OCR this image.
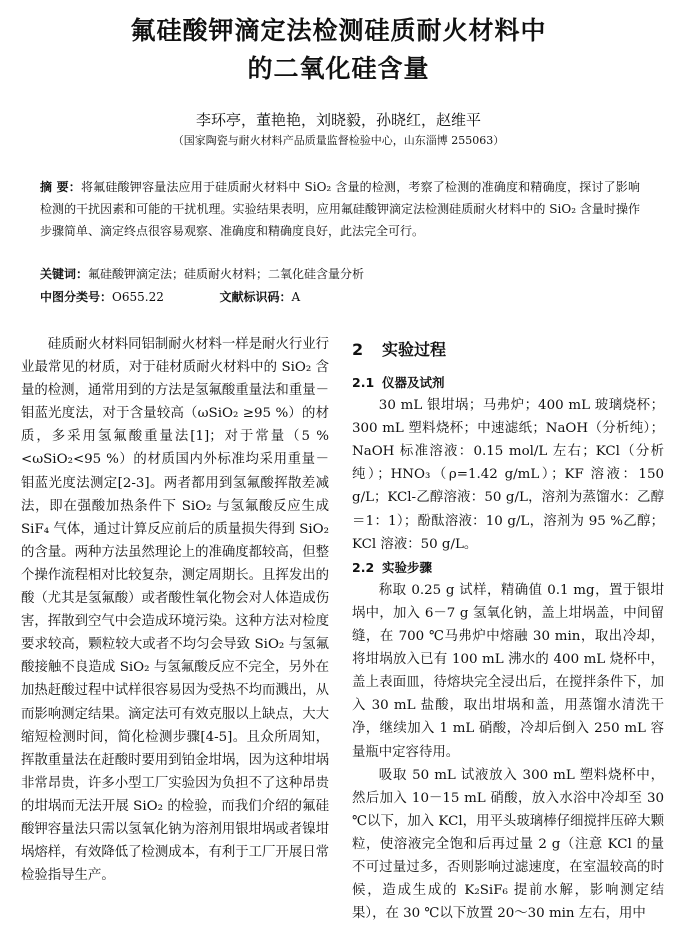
氟硅酸钾滴定法检测硅质耐火材料中
的二氧化硅含量
李环亭，董艳艳，刘晓毅，孙晓红，赵维平
（国家陶瓷与耐火材料产品质量监督检验中心，山东淄博 255063）
摘 要：将氟硅酸钾容量法应用于硅质耐火材料中 SiO₂ 含量的检测，考察了检测的准确度和精确度，探讨了影响检测的干扰因素和可能的干扰机理。实验结果表明，应用氟硅酸钾滴定法检测硅质耐火材料中的 SiO₂ 含量时操作步骤简单、滴定终点很容易观察、准确度和精确度良好，此法完全可行。
关键词：氟硅酸钾滴定法；硅质耐火材料；二氧化硅含量分析
中图分类号：O655.22	文献标识码：A

硅质耐火材料同铝制耐火材料一样是耐火行业行业最常见的材质，对于硅材质耐火材料中的 SiO₂ 含量的检测，通常用到的方法是氢氟酸重量法和重量－钼蓝光度法，对于含量较高（ωSiO₂ ≥95 %）的材质，多采用氢氟酸重量法[1]；对于常量（5 %<ωSiO₂<95 %）的材质国内外标准均采用重量－钼蓝光度法测定[2-3]。两者都用到氢氟酸挥散差减法，即在强酸加热条件下 SiO₂ 与氢氟酸反应生成 SiF₄ 气体，通过计算反应前后的质量损失得到 SiO₂ 的含量。两种方法虽然理论上的准确度都较高，但整个操作流程相对比较复杂，测定周期长。且挥发出的酸（尤其是氢氟酸）或者酸性氧化物会对人体造成伤害，挥散到空气中会造成环境污染。这种方法对检度要求较高，颗粒较大或者不均匀会导致 SiO₂ 与氢氟酸接触不良造成 SiO₂ 与氢氟酸反应不完全，另外在加热赶酸过程中试样很容易因为受热不均而溅出，从而影响测定结果。滴定法可有效克服以上缺点，大大缩短检测时间，简化检测步骤[4-5]。且众所周知，挥散重量法在赶酸时要用到铂金坩埚，因为这种坩埚非常昂贵，许多小型工厂实验因为负担不了这种昂贵的坩埚而无法开展 SiO₂ 的检验，而我们介绍的氟硅酸钾容量法只需以氢氧化钠为溶剂用银坩埚或者镍坩埚熔样，有效降低了检测成本，有利于工厂开展日常检验指导生产。

2 实验过程
2.1 仪器及试剂

30 mL 银坩埚；马弗炉；400 mL 玻璃烧杯；300 mL 塑料烧杯；中速滤纸；NaOH（分析纯）；NaOH 标准溶液：0.15 mol/L 左右；KCl（分析纯）；HNO₃（ρ=1.42 g/mL）；KF 溶液：150 g/L；KCl-乙醇溶液：50 g/L，溶剂为蒸馏水：乙醇＝1：1）；酚酞溶液：10 g/L，溶剂为 95 %乙醇；KCl 溶液：50 g/L。

2.2 实验步骤

称取 0.25 g 试样，精确值 0.1 mg，置于银坩埚中，加入 6－7 g 氢氧化钠，盖上坩埚盖，中间留缝，在 700 ℃马弗炉中熔融 30 min，取出冷却，将坩埚放入已有 100 mL 沸水的 400 mL 烧杯中，盖上表面皿，待熔块完全浸出后，在搅拌条件下，加入 30 mL 盐酸，取出坩埚和盖，用蒸馏水清洗干净，继续加入 1 mL 硝酸，冷却后倒入 250 mL 容量瓶中定容待用。

吸取 50 mL 试液放入 300 mL 塑料烧杯中，然后加入 10－15 mL 硝酸，放入水浴中冷却至 30 ℃以下，加入 KCl，用平头玻璃棒仔细搅拌压碎大颗粒，使溶液完全饱和后再过量 2 g（注意 KCl 的量不可过量过多，否则影响过滤速度，在室温较高的时候，造成生成的 K₂SiF₆ 提前水解，影响测定结果），在 30 ℃以下放置 20～30 min 左右，用中
